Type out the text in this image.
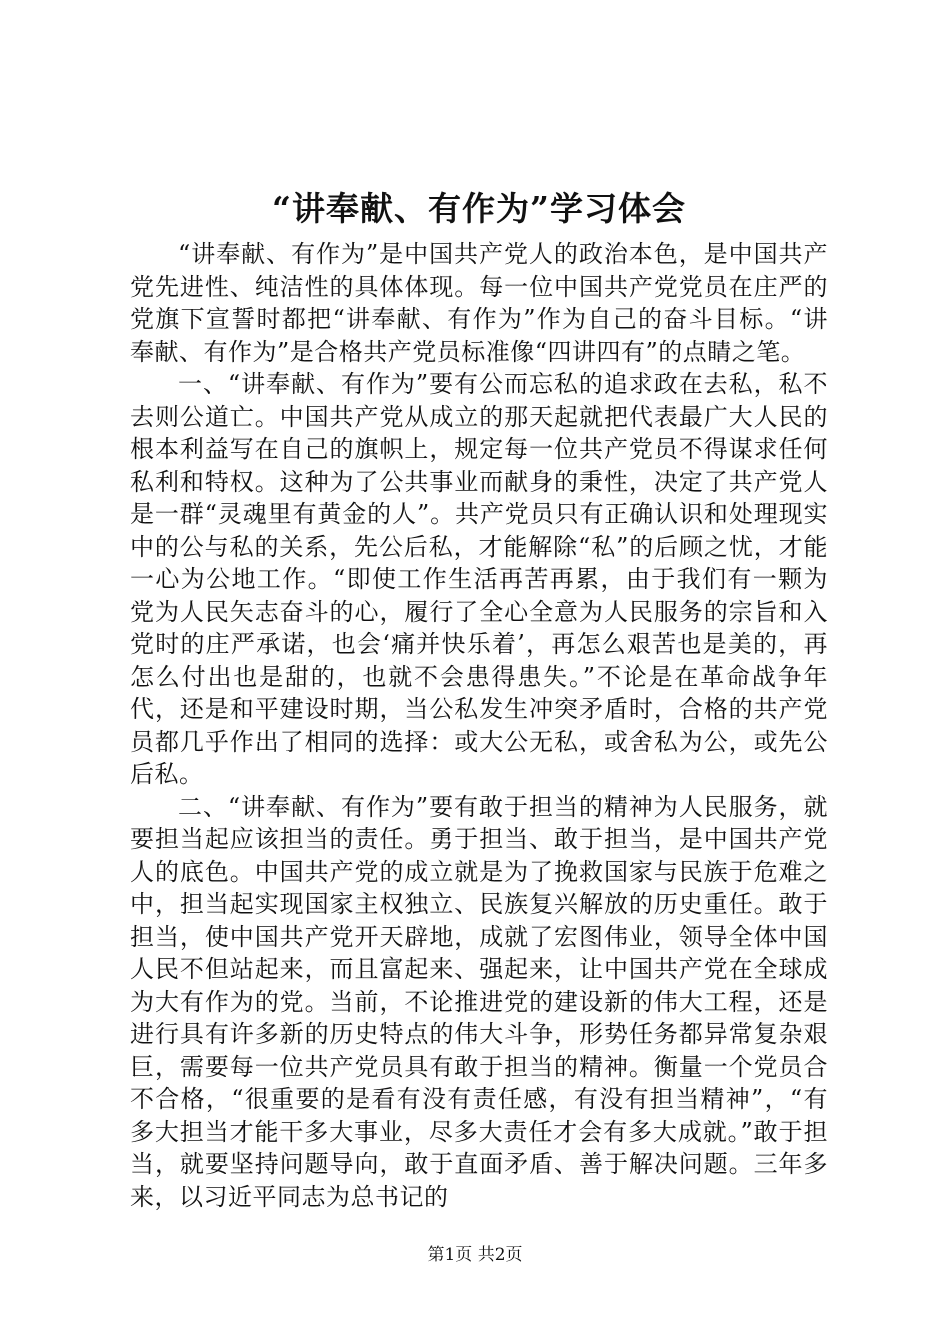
“讲奉献、有作为”学习体会

“讲奉献、有作为”是中国共产党人的政治本色，是中国共产党先进性、纯洁性的具体体现。每一位中国共产党党员在庄严的党旗下宣誓时都把“讲奉献、有作为”作为自己的奋斗目标。“讲奉献、有作为”是合格共产党员标准像“四讲四有”的点睛之笔。

一、“讲奉献、有作为”要有公而忘私的追求政在去私，私不去则公道亡。中国共产党从成立的那天起就把代表最广大人民的根本利益写在自己的旗帜上，规定每一位共产党员不得谋求任何私利和特权。这种为了公共事业而献身的秉性，决定了共产党人是一群“灵魂里有黄金的人”。共产党员只有正确认识和处理现实中的公与私的关系，先公后私，才能解除“私”的后顾之忧，才能一心为公地工作。“即使工作生活再苦再累，由于我们有一颗为党为人民矢志奋斗的心，履行了全心全意为人民服务的宗旨和入党时的庄严承诺，也会‘痛并快乐着’，再怎么艰苦也是美的，再怎么付出也是甜的，也就不会患得患失。”不论是在革命战争年代，还是和平建设时期，当公私发生冲突矛盾时，合格的共产党员都几乎作出了相同的选择：或大公无私，或舍私为公，或先公后私。

二、“讲奉献、有作为”要有敢于担当的精神为人民服务，就要担当起应该担当的责任。勇于担当、敢于担当，是中国共产党人的底色。中国共产党的成立就是为了挽救国家与民族于危难之中，担当起实现国家主权独立、民族复兴解放的历史重任。敢于担当，使中国共产党开天辟地，成就了宏图伟业，领导全体中国人民不但站起来，而且富起来、强起来，让中国共产党在全球成为大有作为的党。当前，不论推进党的建设新的伟大工程，还是进行具有许多新的历史特点的伟大斗争，形势任务都异常复杂艰巨，需要每一位共产党员具有敢于担当的精神。衡量一个党员合不合格，“很重要的是看有没有责任感，有没有担当精神”，“有多大担当才能干多大事业，尽多大责任才会有多大成就。”敢于担当，就要坚持问题导向，敢于直面矛盾、善于解决问题。三年多来，以习近平同志为总书记的

第1页 共2页
